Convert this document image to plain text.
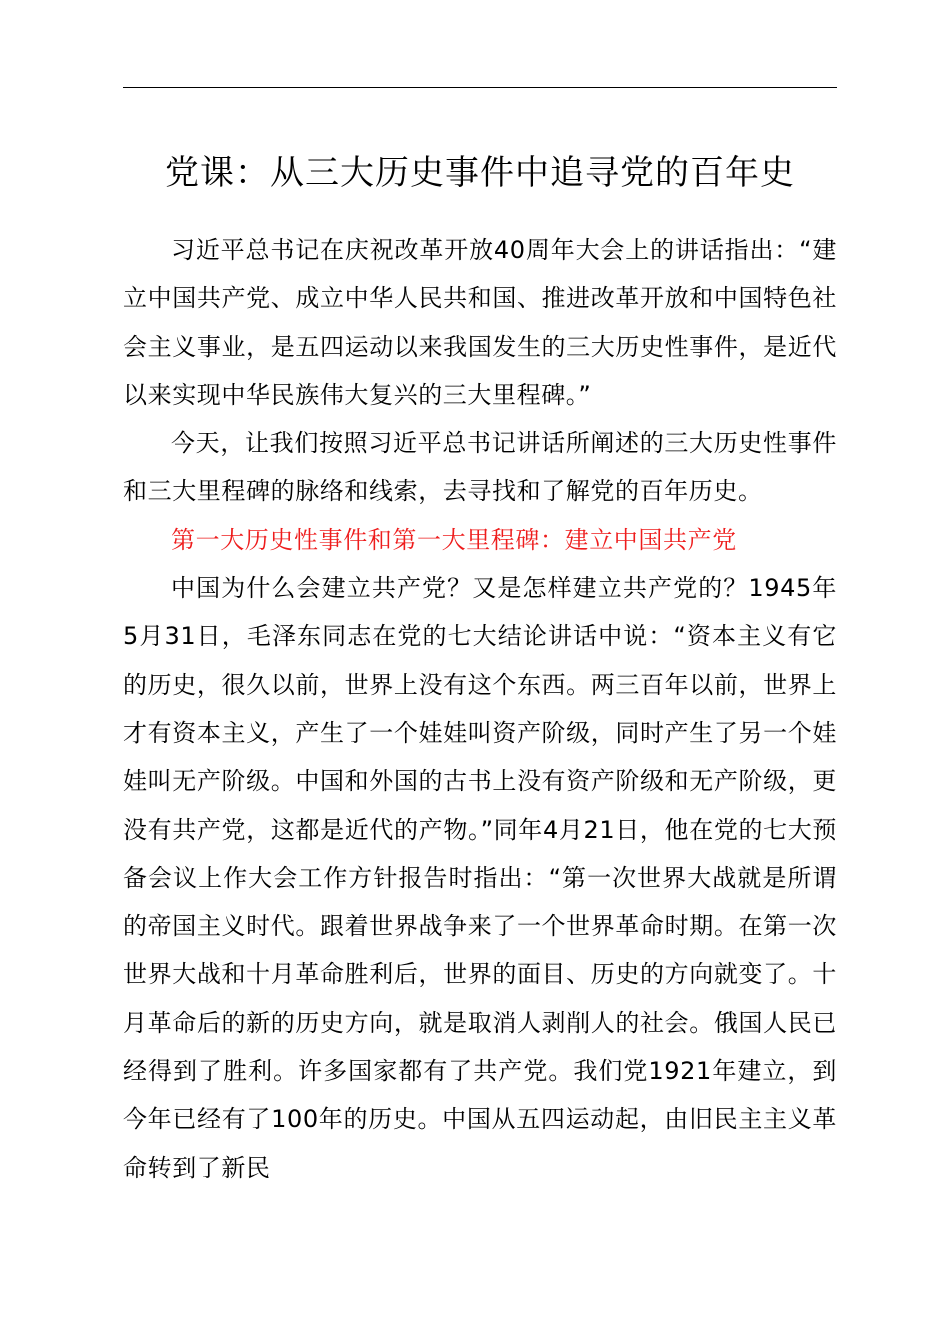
党课：从三大历史事件中追寻党的百年史

习近平总书记在庆祝改革开放40周年大会上的讲话指出：“建立中国共产党、成立中华人民共和国、推进改革开放和中国特色社会主义事业，是五四运动以来我国发生的三大历史性事件，是近代以来实现中华民族伟大复兴的三大里程碑。”

今天，让我们按照习近平总书记讲话所阐述的三大历史性事件和三大里程碑的脉络和线索，去寻找和了解党的百年历史。

第一大历史性事件和第一大里程碑：建立中国共产党

中国为什么会建立共产党？又是怎样建立共产党的？1945年5月31日，毛泽东同志在党的七大结论讲话中说：“资本主义有它的历史，很久以前，世界上没有这个东西。两三百年以前，世界上才有资本主义，产生了一个娃娃叫资产阶级，同时产生了另一个娃娃叫无产阶级。中国和外国的古书上没有资产阶级和无产阶级，更没有共产党，这都是近代的产物。”同年4月21日，他在党的七大预备会议上作大会工作方针报告时指出：“第一次世界大战就是所谓的帝国主义时代。跟着世界战争来了一个世界革命时期。在第一次世界大战和十月革命胜利后，世界的面目、历史的方向就变了。十月革命后的新的历史方向，就是取消人剥削人的社会。俄国人民已经得到了胜利。许多国家都有了共产党。我们党1921年建立，到今年已经有了100年的历史。中国从五四运动起，由旧民主主义革命转到了新民
